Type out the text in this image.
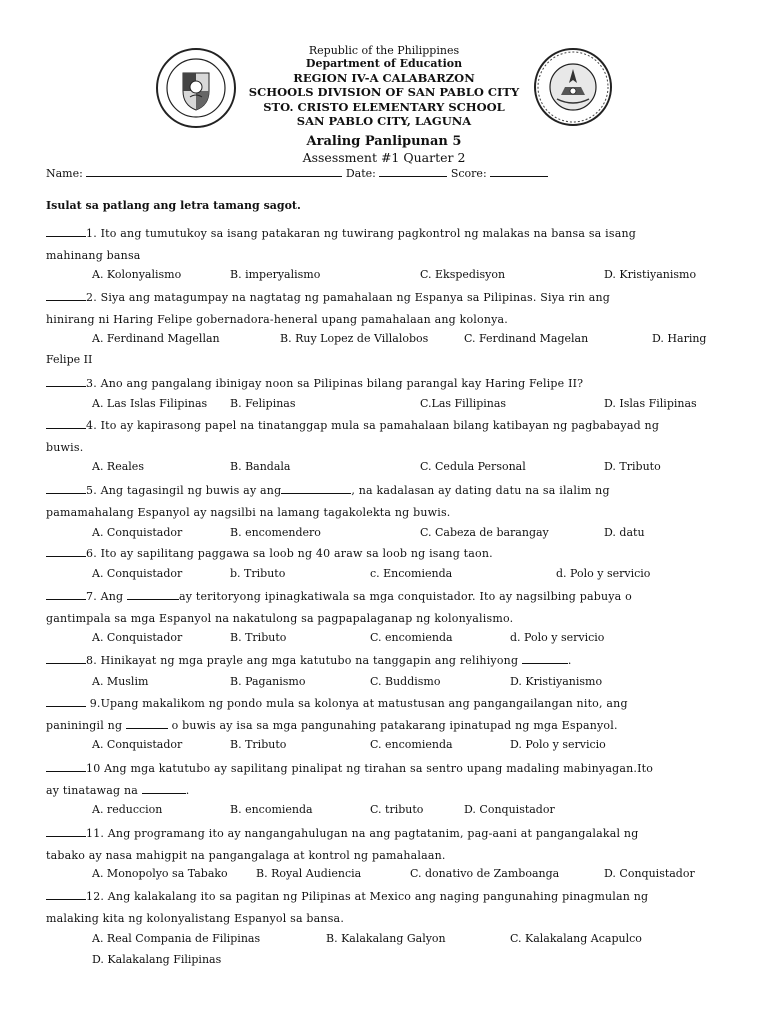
Republic of the Philippines
Department of Education
REGION IV-A CALABARZON
SCHOOLS DIVISION OF SAN PABLO CITY
STO. CRISTO ELEMENTARY SCHOOL
SAN PABLO CITY, LAGUNA
Araling Panlipunan 5
Assessment #1 Quarter 2
Name:	Date:	Score:
Isulat sa patlang ang letra tamang sagot.
1. Ito ang tumutukoy sa isang patakaran ng tuwirang pagkontrol ng malakas na bansa sa isang
mahinang bansa
A. Kolonyalismo	B. imperyalismo	C. Ekspedisyon	D. Kristiyanismo
2. Siya ang matagumpay na nagtatag ng pamahalaan ng Espanya sa Pilipinas. Siya rin ang
hinirang ni Haring Felipe gobernadora-heneral upang pamahalaan ang kolonya.
A. Ferdinand Magellan	B. Ruy Lopez de Villalobos	C. Ferdinand Magelan	D. Haring
Felipe II
3. Ano ang pangalang ibinigay noon sa Pilipinas bilang parangal kay Haring Felipe II?
A. Las Islas Filipinas B. Felipinas	C.Las Fillipinas	D. Islas Filipinas
4. Ito ay kapirasong papel na tinatanggap mula sa pamahalaan bilang katibayan ng pagbabayad ng
buwis.
A. Reales	B. Bandala	C. Cedula Personal	D. Tributo
5. Ang tagasingil ng buwis ay ang	, na kadalasan ay dating datu na sa ilalim ng
pamamahalang Espanyol ay nagsilbi na lamang tagakolekta ng buwis.
A. Conquistador	B. encomendero	C. Cabeza de barangay	D. datu
6. Ito ay sapilitang paggawa sa loob ng 40 araw sa loob ng isang taon.
A. Conquistador	b. Tributo	c. Encomienda	d. Polo y servicio
7. Ang	ay teritoryong ipinagkatiwala sa mga conquistador. Ito ay nagsilbing pabuya o
gantimpala sa mga Espanyol na nakatulong sa pagpapalaganap ng kolonyalismo.
A. Conquistador	B. Tributo	C. encomienda	d. Polo y servicio
8. Hinikayat ng mga prayle ang mga katutubo na tanggapin ang relihiyong	.
A. Muslim	B. Paganismo	C. Buddismo	D. Kristiyanismo
9.Upang makalikom ng pondo mula sa kolonya at matustusan ang pangangailangan nito, ang
paniningil ng	o buwis ay isa sa mga pangunahing patakarang ipinatupad ng mga Espanyol.
A. Conquistador	B. Tributo	C. encomienda	D. Polo y servicio
10 Ang mga katutubo ay sapilitang pinalipat ng tirahan sa sentro upang madaling mabinyagan.Ito
ay tinatawag na	.
A. reduccion	B. encomienda	C. tributo	D. Conquistador
11. Ang programang ito ay nangangahulugan na ang pagtatanim, pag-aani at pangangalakal ng
tabako ay nasa mahigpit na pangangalaga at kontrol ng pamahalaan.
A. Monopolyo sa Tabako	B. Royal Audiencia	C. donativo de Zamboanga	D. Conquistador
12. Ang kalakalang ito sa pagitan ng Pilipinas at Mexico ang naging pangunahing pinagmulan ng
malaking kita ng kolonyalistang Espanyol sa bansa.
A. Real Compania de Filipinas	B. Kalakalang Galyon	C. Kalakalang Acapulco
D. Kalakalang Filipinas
